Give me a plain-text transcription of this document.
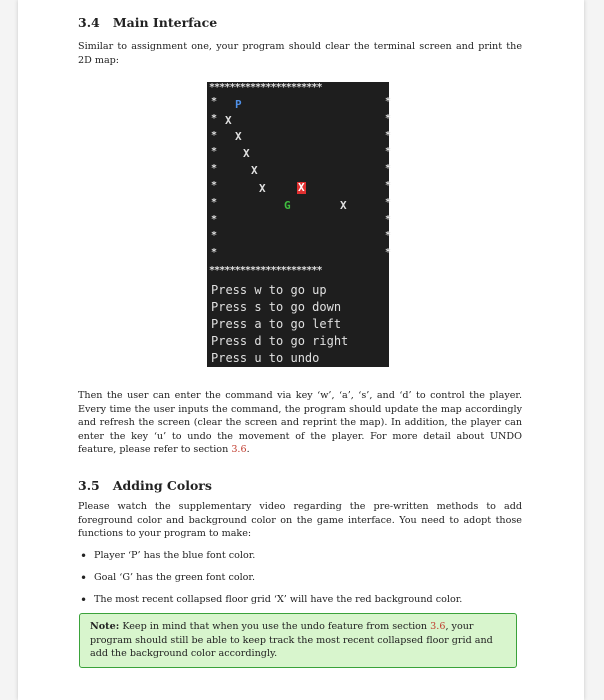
3.4 Main Interface
Similar to assignment one, your program should clear the terminal screen and print the 2D map:
**********************
**********************
*	*
*	*
*	*
*	*
*	*
*	*
*	*
*	*
*	*
*	*
P
X
X
X
X
X	X
G	X
Press w to go up
Press s to go down
Press a to go left
Press d to go right
Press u to undo
Then the user can enter the command via key ‘w’, ‘a’, ‘s’, and ‘d’ to control the player. Every time the user inputs the command, the program should update the map accordingly and refresh the screen (clear the screen and reprint the map). In addition, the player can enter the key ‘u’ to undo the movement of the player. For more detail about UNDO feature, please refer to section 3.6.
3.5 Adding Colors
Please watch the supplementary video regarding the pre-written methods to add foreground color and background color on the game interface. You need to adopt those functions to your program to make:
• Player ‘P’ has the blue font color.
• Goal ‘G’ has the green font color.
• The most recent collapsed floor grid ‘X’ will have the red background color.
Note: Keep in mind that when you use the undo feature from section 3.6, your program should still be able to keep track the most recent collapsed floor grid and add the background color accordingly.
